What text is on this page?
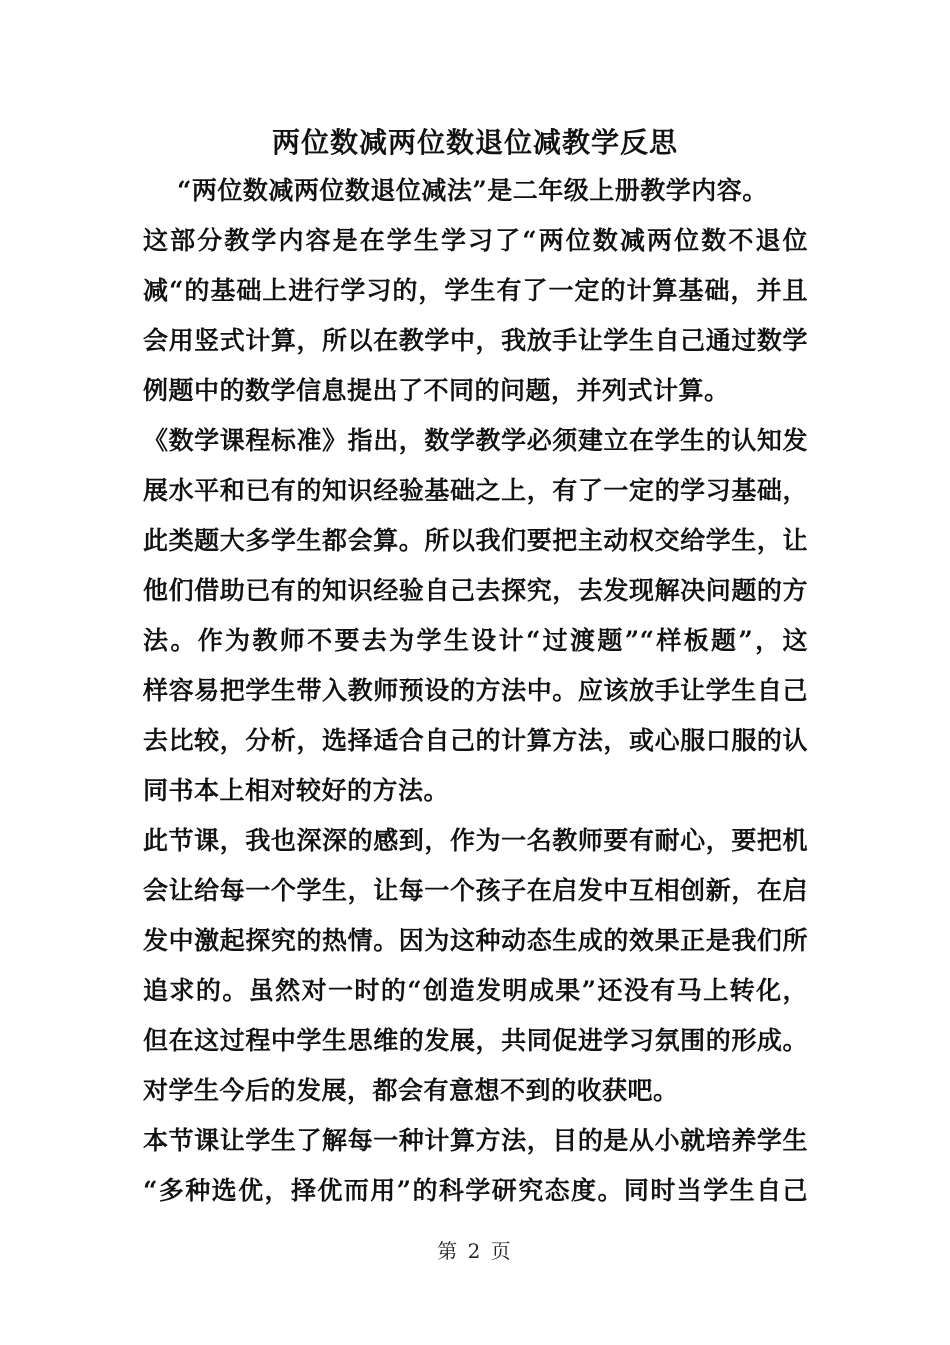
两位数减两位数退位减教学反思
“两位数减两位数退位减法”是二年级上册教学内容。
这部分教学内容是在学生学习了“两位数减两位数不退位
减“的基础上进行学习的，学生有了一定的计算基础，并且
会用竖式计算，所以在教学中，我放手让学生自己通过数学
例题中的数学信息提出了不同的问题，并列式计算。
《数学课程标准》指出，数学教学必须建立在学生的认知发
展水平和已有的知识经验基础之上，有了一定的学习基础，
此类题大多学生都会算。所以我们要把主动权交给学生，让
他们借助已有的知识经验自己去探究，去发现解决问题的方
法。作为教师不要去为学生设计“过渡题”“样板题”，这
样容易把学生带入教师预设的方法中。应该放手让学生自己
去比较，分析，选择适合自己的计算方法，或心服口服的认
同书本上相对较好的方法。
此节课，我也深深的感到，作为一名教师要有耐心，要把机
会让给每一个学生，让每一个孩子在启发中互相创新，在启
发中激起探究的热情。因为这种动态生成的效果正是我们所
追求的。虽然对一时的“创造发明成果”还没有马上转化，
但在这过程中学生思维的发展，共同促进学习氛围的形成。
对学生今后的发展，都会有意想不到的收获吧。
本节课让学生了解每一种计算方法，目的是从小就培养学生
“多种选优，择优而用”的科学研究态度。同时当学生自己
第 2 页
